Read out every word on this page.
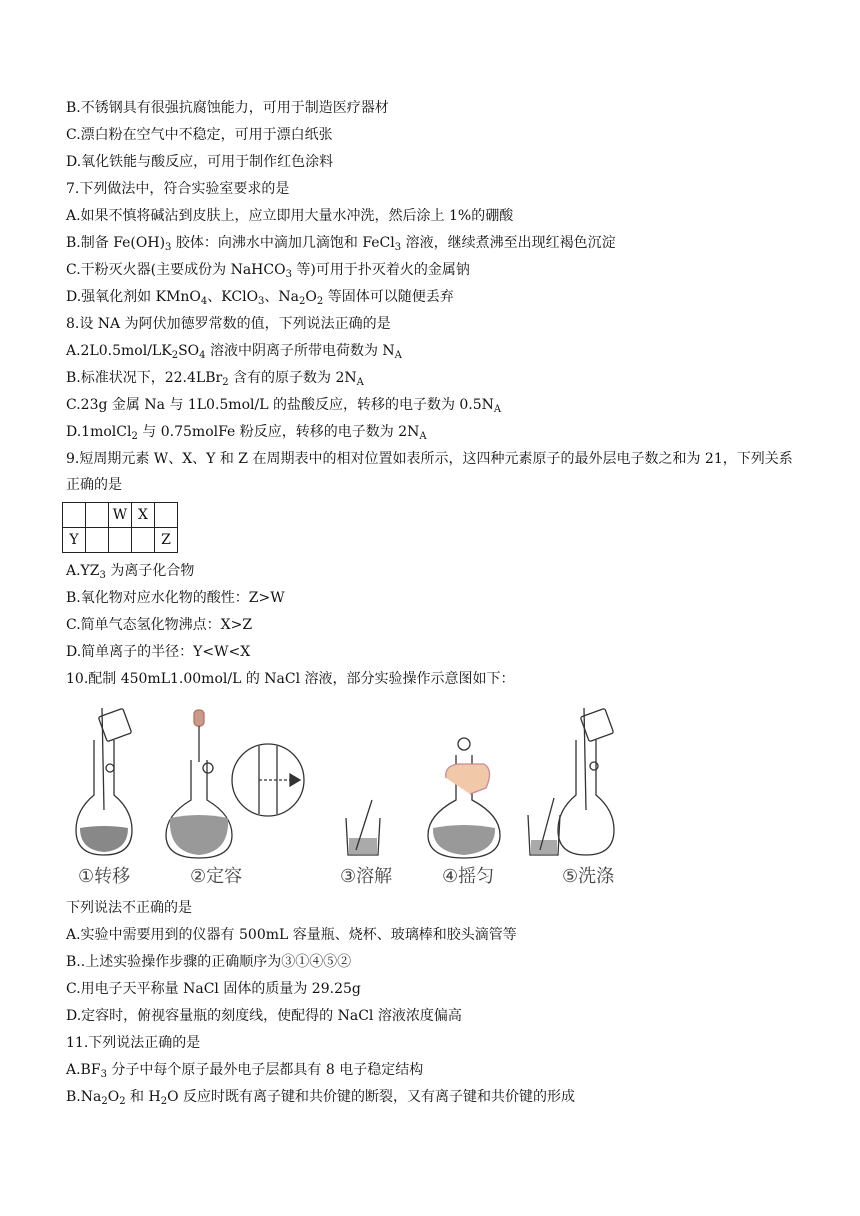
B.不锈钢具有很强抗腐蚀能力，可用于制造医疗器材
C.漂白粉在空气中不稳定，可用于漂白纸张
D.氧化铁能与酸反应，可用于制作红色涂料
7.下列做法中，符合实验室要求的是
A.如果不慎将碱沾到皮肤上，应立即用大量水冲洗，然后涂上 1%的硼酸
B.制备 $Fe(OH)_3$ 胶体：向沸水中滴加几滴饱和 FeCl$_3$ 溶液，继续煮沸至出现红褐色沉淀
C.干粉灭火器(主要成份为 NaHCO$_3$ 等)可用于扑灭着火的金属钠
D.强氧化剂如 KMnO$_4$、KClO$_3$、$Na_2O_2$ 等固体可以随便丢弃
8.设 NA 为阿伏加德罗常数的值，下列说法正确的是
$A.2L0.5mol/LK_2SO_4$ 溶液中阴离子所带电荷数为 $N_A$
B.标准状况下，22.4LBr$_2$ 含有的原子数为 $2N_A$
C.23g 金属 Na 与 1L0.5mol/L 的盐酸反应，转移的电子数为 $0.5N_A$
D.1molCl$_2$ 与 0.75molFe 粉反应，转移的电子数为 $2N_A$
9.短周期元素 W、X、Y 和 Z 在周期表中的相对位置如表所示，这四种元素原子的最外层电子数之和为 21，下列关系正确的是
		W	X	
Y				Z
$A.YZ_3$ 为离子化合物
B.氧化物对应水化物的酸性：Z>W
C.简单气态氢化物沸点：X>Z
D.简单离子的半径：Y<W<X
10.配制 450mL1.00mol/L 的 NaCl 溶液，部分实验操作示意图如下：
①转移	②定容	③溶解	④摇匀	⑤洗涤
下列说法不正确的是
A.实验中需要用到的仪器有 500mL 容量瓶、烧杯、玻璃棒和胶头滴管等
B..上述实验操作步骤的正确顺序为③①④⑤②
C.用电子天平称量 NaCl 固体的质量为 29.25g
D.定容时，俯视容量瓶的刻度线，使配得的 NaCl 溶液浓度偏高
11.下列说法正确的是
$A.BF_3$ 分子中每个原子最外电子层都具有 8 电子稳定结构
$B.Na_2O_2$ 和 $H_2O$ 反应时既有离子键和共价键的断裂，又有离子键和共价键的形成
